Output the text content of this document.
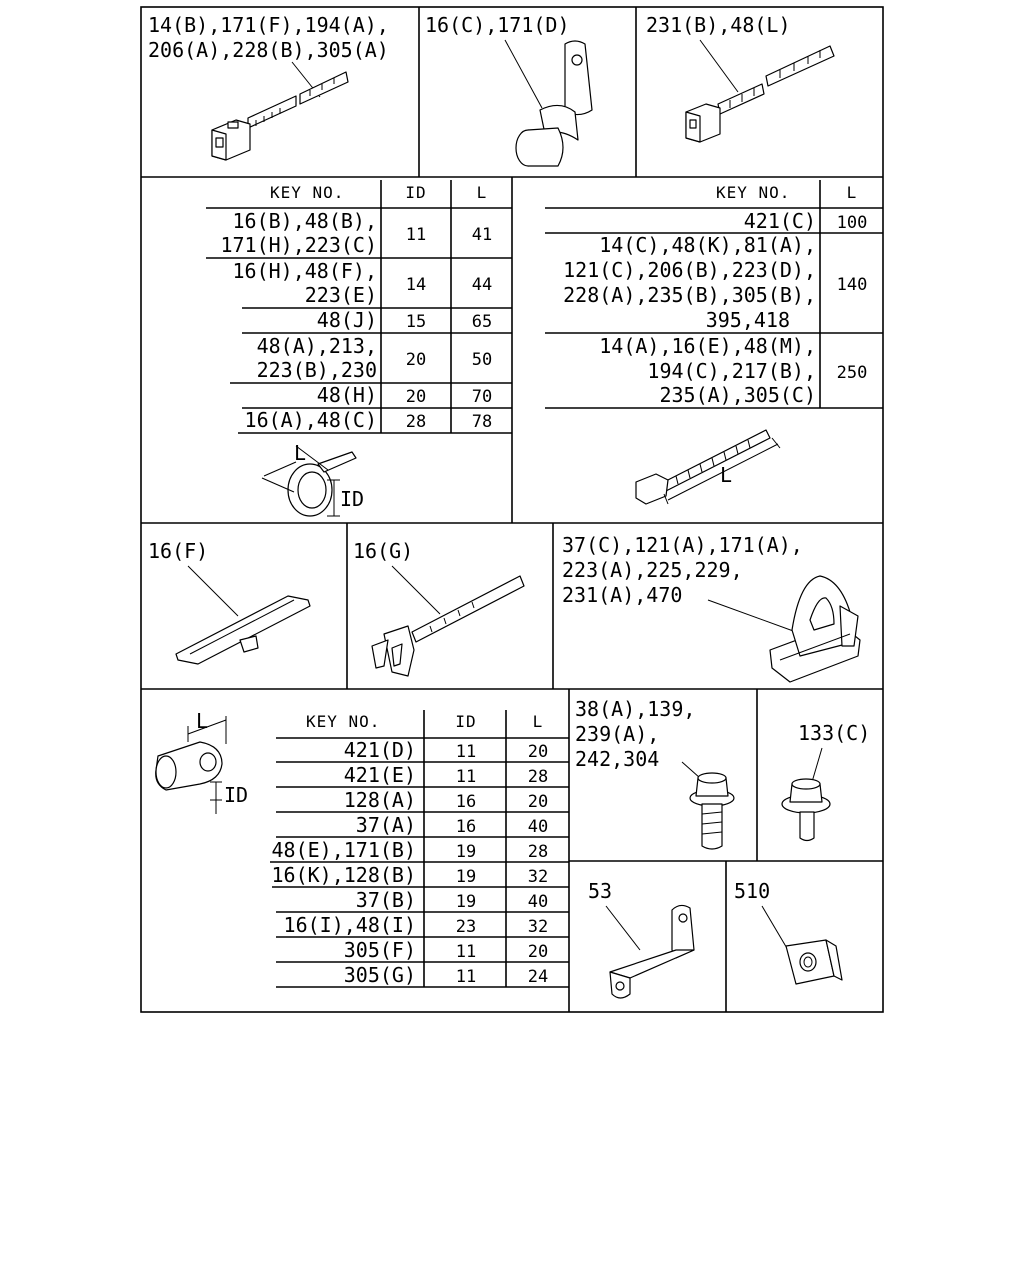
14(B),171(F),194(A),
206(A),228(B),305(A)
16(C),171(D)	231(B),48(L)
KEY NO.	ID	L
16(B),48(B),
171(H),223(C) 11	41
16(H),48(F),
223(E) 14	44
48(J) 15	65
48(A),213,
223(B),230 20	50
48(H) 20	70
16(A),48(C) 28	78
L
ID
KEY NO.	L
421(C) 100
14(C),48(K),81(A),
121(C),206(B),223(D),
228(A),235(B),305(B),
395,418
140
14(A),16(E),48(M),
194(C),217(B),
235(A),305(C)
250
L
16(F)	16(G)	37(C),121(A),171(A),
223(A),225,229,
231(A),470
KEY NO.	ID	L
421(D) 11	20
421(E) 11	28
128(A) 16	20
37(A) 16	40
48(E),171(B) 19	28
16(K),128(B) 19	32
37(B) 19	40
16(I),48(I) 23	32
305(F) 11	20
305(G) 11	24
L
ID
38(A),139,
239(A),
242,304
133(C)
53	510
